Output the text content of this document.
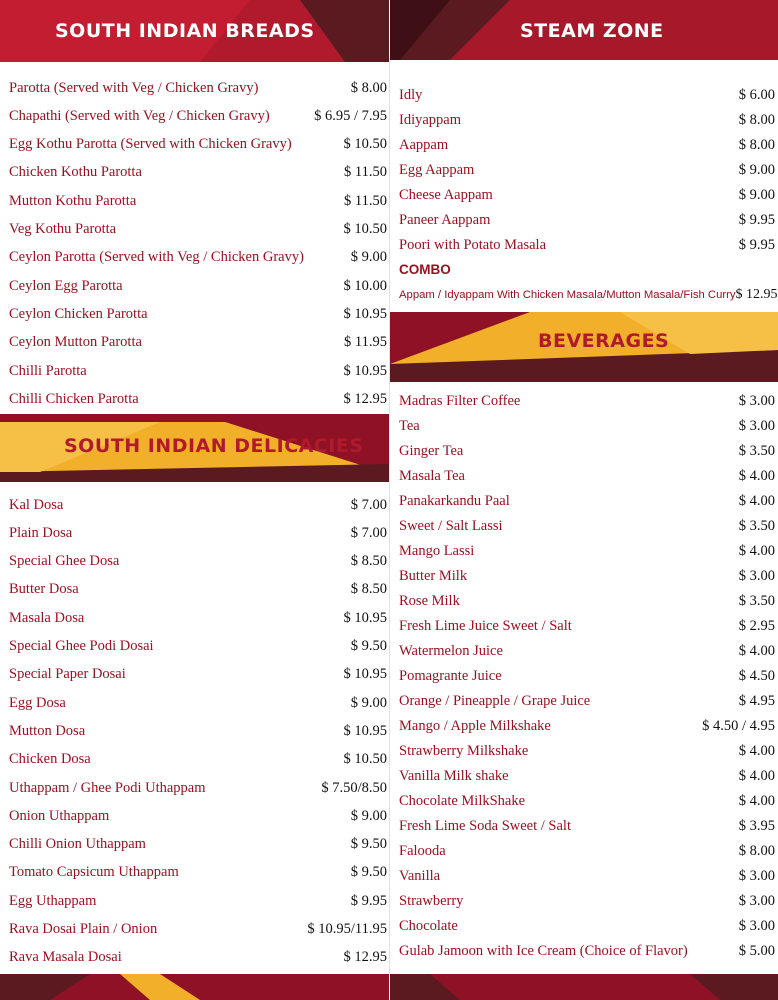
SOUTH INDIAN BREADS	STEAM ZONE
SOUTH INDIAN DELICACIES
BEVERAGES
Parotta (Served with Veg / Chicken Gravy)	$ 8.00
Chapathi (Served with Veg / Chicken Gravy)	$ 6.95 / 7.95
Egg Kothu Parotta (Served with Chicken Gravy)	$ 10.50
Chicken Kothu Parotta	$ 11.50
Mutton Kothu Parotta	$ 11.50
Veg Kothu Parotta	$ 10.50
Ceylon Parotta (Served with Veg / Chicken Gravy)	$ 9.00
Ceylon Egg Parotta	$ 10.00
Ceylon Chicken Parotta	$ 10.95
Ceylon Mutton Parotta	$ 11.95
Chilli Parotta	$ 10.95
Chilli Chicken Parotta	$ 12.95
Kal Dosa	$ 7.00
Plain Dosa	$ 7.00
Special Ghee Dosa	$ 8.50
Butter Dosa	$ 8.50
Masala Dosa	$ 10.95
Special Ghee Podi Dosai	$ 9.50
Special Paper Dosai	$ 10.95
Egg Dosa	$ 9.00
Mutton Dosa	$ 10.95
Chicken Dosa	$ 10.50
Uthappam / Ghee Podi Uthappam	$ 7.50/8.50
Onion Uthappam	$ 9.00
Chilli Onion Uthappam	$ 9.50
Tomato Capsicum Uthappam	$ 9.50
Egg Uthappam	$ 9.95
Rava Dosai Plain / Onion	$ 10.95/11.95
Rava Masala Dosai	$ 12.95
Idly	$ 6.00
Idiyappam	$ 8.00
Aappam	$ 8.00
Egg Aappam	$ 9.00
Cheese Aappam	$ 9.00
Paneer Aappam	$ 9.95
Poori with Potato Masala	$ 9.95
COMBO
Appam / Idyappam With Chicken Masala/Mutton Masala/Fish Curry $ 12.95
Madras Filter Coffee	$ 3.00
Tea	$ 3.00
Ginger Tea	$ 3.50
Masala Tea	$ 4.00
Panakarkandu Paal	$ 4.00
Sweet / Salt Lassi	$ 3.50
Mango Lassi	$ 4.00
Butter Milk	$ 3.00
Rose Milk	$ 3.50
Fresh Lime Juice Sweet / Salt	$ 2.95
Watermelon Juice	$ 4.00
Pomagrante Juice	$ 4.50
Orange / Pineapple / Grape Juice	$ 4.95
Mango / Apple Milkshake	$ 4.50 / 4.95
Strawberry Milkshake	$ 4.00
Vanilla Milk shake	$ 4.00
Chocolate MilkShake	$ 4.00
Fresh Lime Soda Sweet / Salt	$ 3.95
Falooda	$ 8.00
Vanilla	$ 3.00
Strawberry	$ 3.00
Chocolate	$ 3.00
Gulab Jamoon with Ice Cream (Choice of Flavor)	$ 5.00
